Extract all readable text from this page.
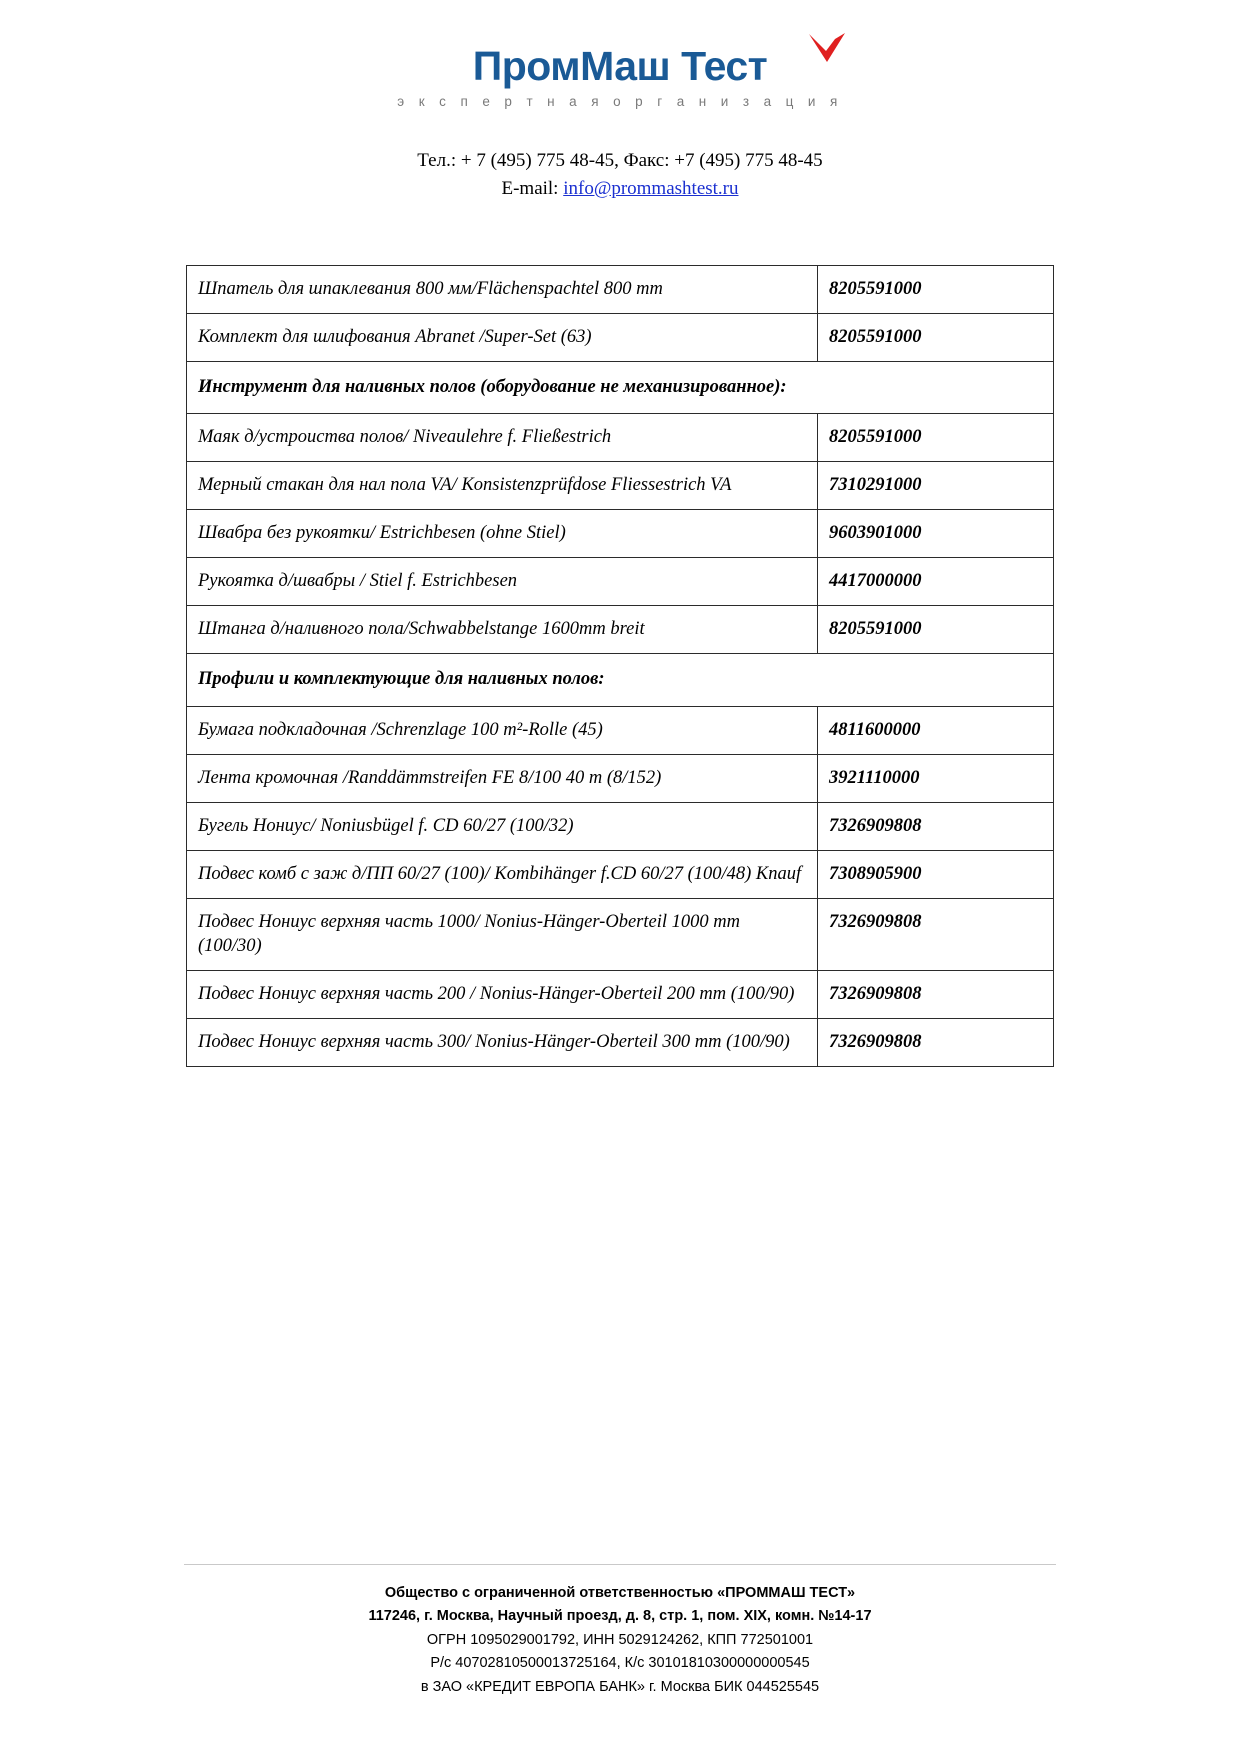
ПромМаш Тест
э к с п е р т н а я о р г а н и з а ц и я
Тел.: + 7 (495) 775 48-45, Факс: +7 (495) 775 48-45
E-mail: info@prommashtest.ru
Шпатель для шпаклевания 800 мм/Flächenspachtel 800 mm	8205591000
Комплект для шлифования Abranet /Super-Set (63)	8205591000
Инструмент для наливных полов (оборудование не механизированное):	
Маяк д/устроиства полов/ Niveaulehre f. Fließestrich	8205591000
Мерный стакан для нал пола VA/ Konsistenzprüfdose Fliessestrich VA	7310291000
Швабра без рукоятки/ Estrichbesen (ohne Stiel)	9603901000
Рукоятка д/швабры / Stiel f. Estrichbesen	4417000000
Штанга д/наливного пола/Schwabbelstange 1600mm breit	8205591000
Профили и комплектующие для наливных полов:	
Бумага подкладочная /Schrenzlage 100 m²-Rolle (45)	4811600000
Лента кромочная /Randdämmstreifen FE 8/100 40 m (8/152)	3921110000
Бугель Нониус/ Noniusbügel f. CD 60/27 (100/32)	7326909808
Подвес комб с заж д/ПП 60/27 (100)/ Kombihänger f.CD 60/27 (100/48) Knauf	7308905900
Подвес Нониус верхняя часть 1000/ Nonius-Hänger-Oberteil 1000 mm (100/30)	7326909808
Подвес Нониус верхняя часть 200 / Nonius-Hänger-Oberteil 200 mm (100/90)	7326909808
Подвес Нониус верхняя часть 300/ Nonius-Hänger-Oberteil 300 mm (100/90)	7326909808
Общество с ограниченной ответственностью «ПРОММАШ ТЕСТ»
117246, г. Москва, Научный проезд, д. 8, стр. 1, пом. XIX, комн. №14-17
ОГРН 1095029001792, ИНН 5029124262, КПП 772501001
Р/с 40702810500013725164, К/с 30101810300000000545
в ЗАО «КРЕДИТ ЕВРОПА БАНК» г. Москва БИК 044525545
